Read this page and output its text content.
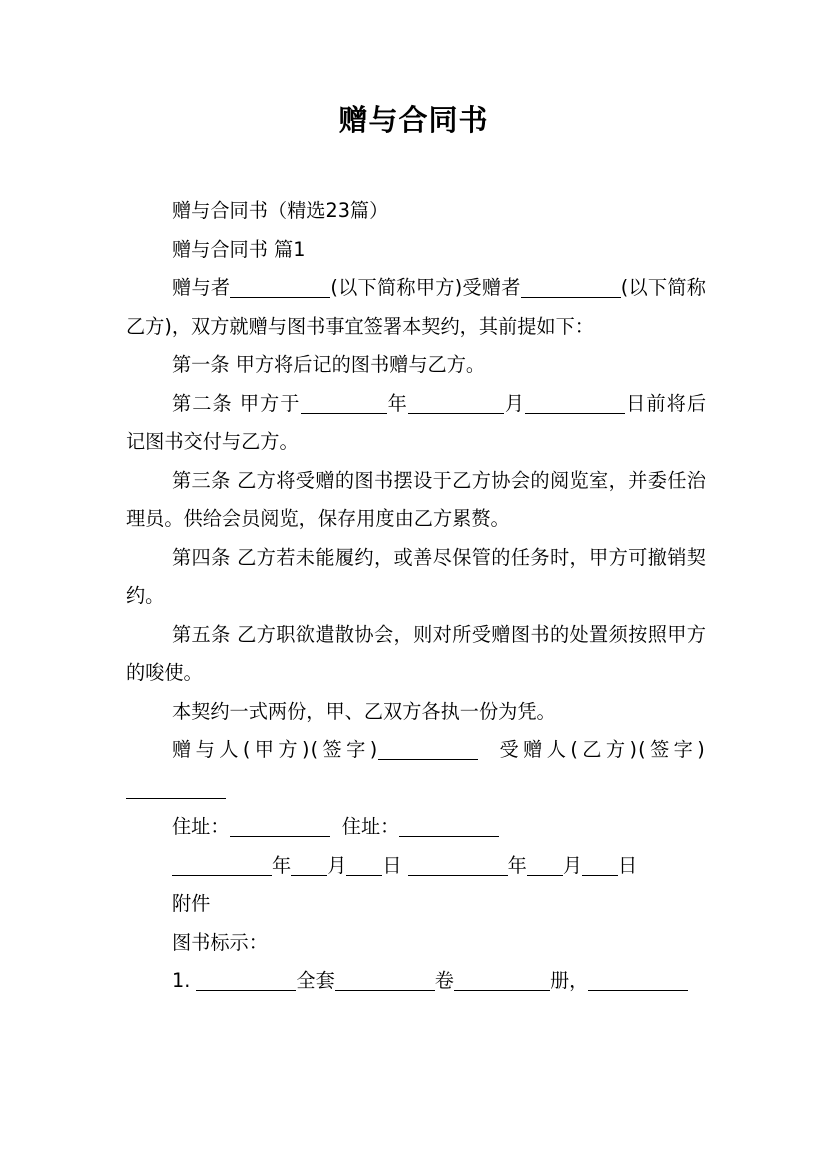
赠与合同书

赠与合同书（精选23篇）

赠与合同书 篇1

赠与者	(以下简称甲方)受赠者	(以下简称乙方)，双方就赠与图书事宜签署本契约，其前提如下：

第一条 甲方将后记的图书赠与乙方。

第二条 甲方于	年	月	日前将后记图书交付与乙方。

第三条 乙方将受赠的图书摆设于乙方协会的阅览室，并委任治理员。供给会员阅览，保存用度由乙方累赘。

第四条 乙方若未能履约，或善尽保管的任务时，甲方可撤销契约。

第五条 乙方职欲遣散协会，则对所受赠图书的处置须按照甲方的唆使。

本契约一式两份，甲、乙双方各执一份为凭。

赠与人(甲方)(签字)	受赠人(乙方)(签字)

住址：	住址：

年 月 日	年 月 日

附件

图书标示：

1.	全套	卷	册，
